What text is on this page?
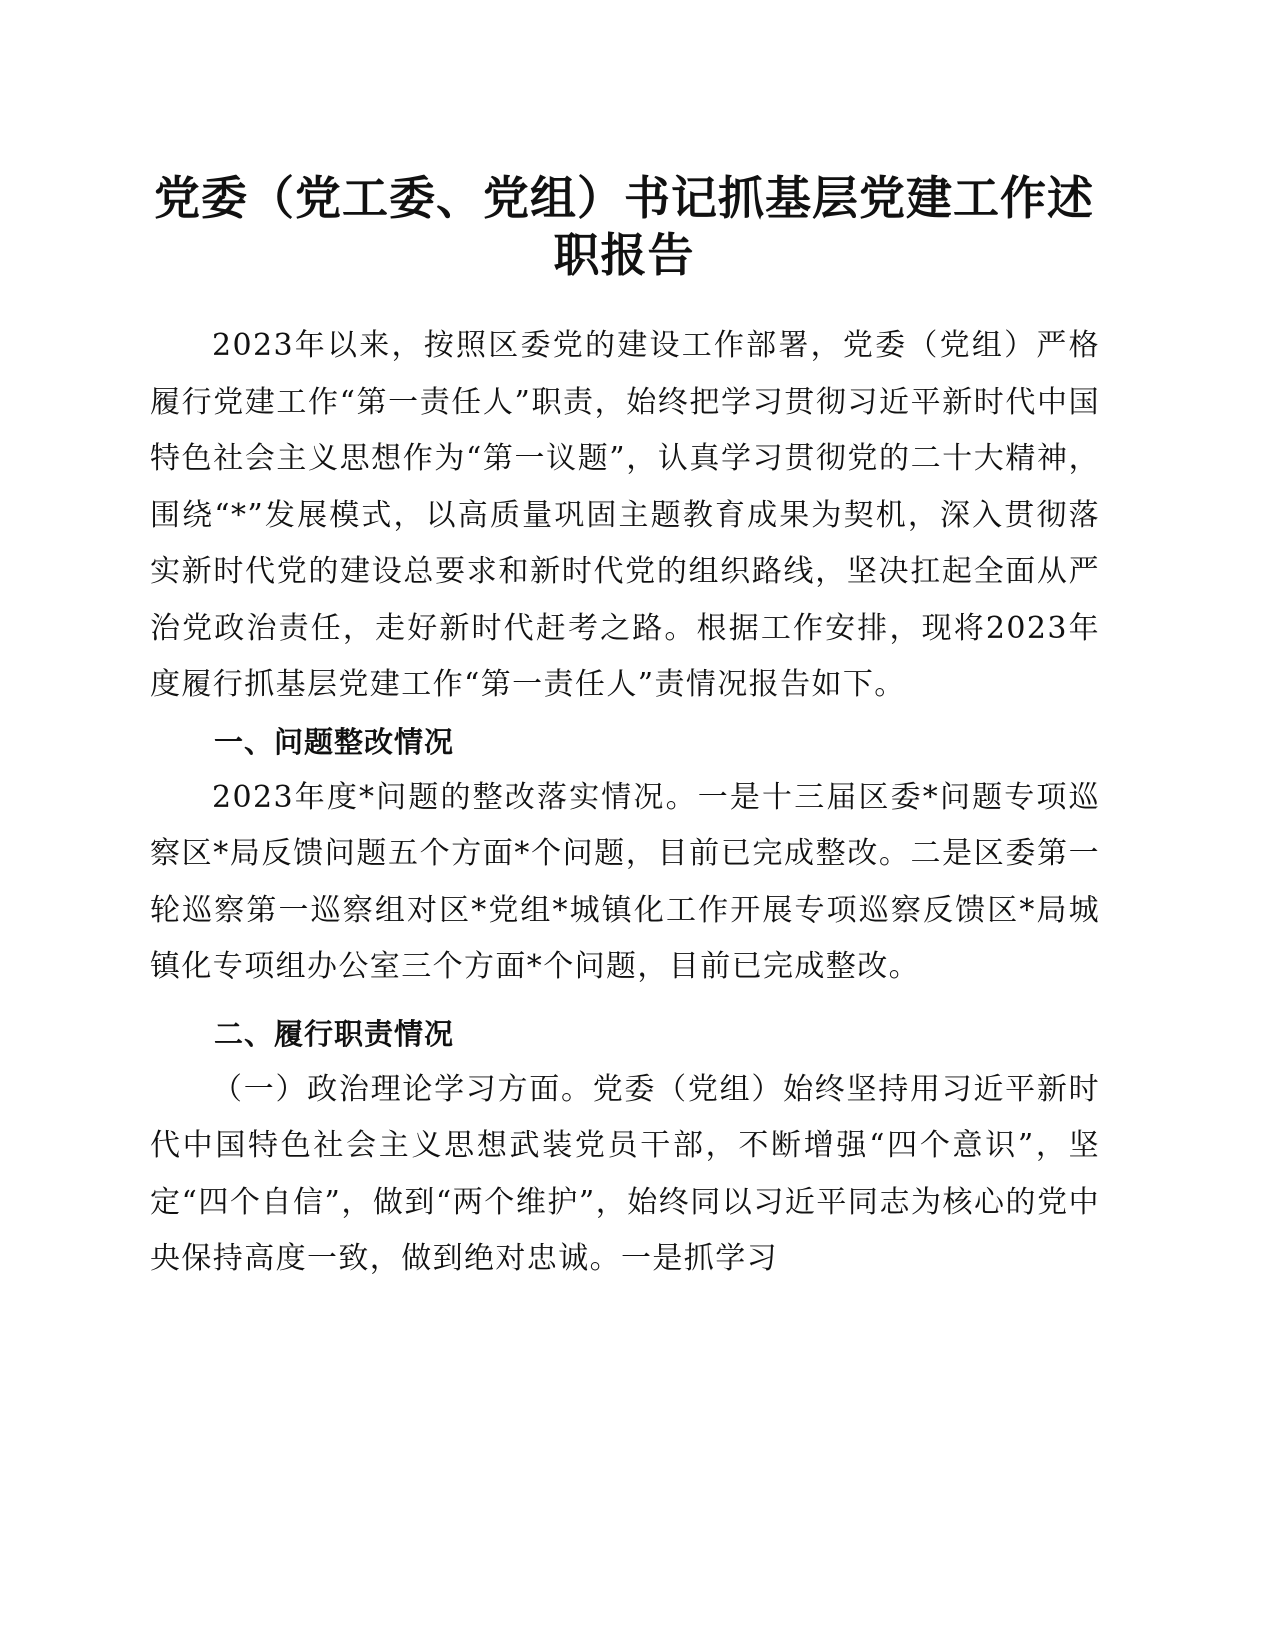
党委（党工委、党组）书记抓基层党建工作述
职报告

2023年以来，按照区委党的建设工作部署，党委（党组）严格履行党建工作“第一责任人”职责，始终把学习贯彻习近平新时代中国特色社会主义思想作为“第一议题”，认真学习贯彻党的二十大精神，围绕“*”发展模式，以高质量巩固主题教育成果为契机，深入贯彻落实新时代党的建设总要求和新时代党的组织路线，坚决扛起全面从严治党政治责任，走好新时代赶考之路。根据工作安排，现将2023年度履行抓基层党建工作“第一责任人”责情况报告如下。

一、问题整改情况

2023年度*问题的整改落实情况。一是十三届区委*问题专项巡察区*局反馈问题五个方面*个问题，目前已完成整改。二是区委第一轮巡察第一巡察组对区*党组*城镇化工作开展专项巡察反馈区*局城镇化专项组办公室三个方面*个问题，目前已完成整改。

二、履行职责情况

（一）政治理论学习方面。党委（党组）始终坚持用习近平新时代中国特色社会主义思想武装党员干部，不断增强“四个意识”，坚定“四个自信”，做到“两个维护”，始终同以习近平同志为核心的党中央保持高度一致，做到绝对忠诚。一是抓学习
